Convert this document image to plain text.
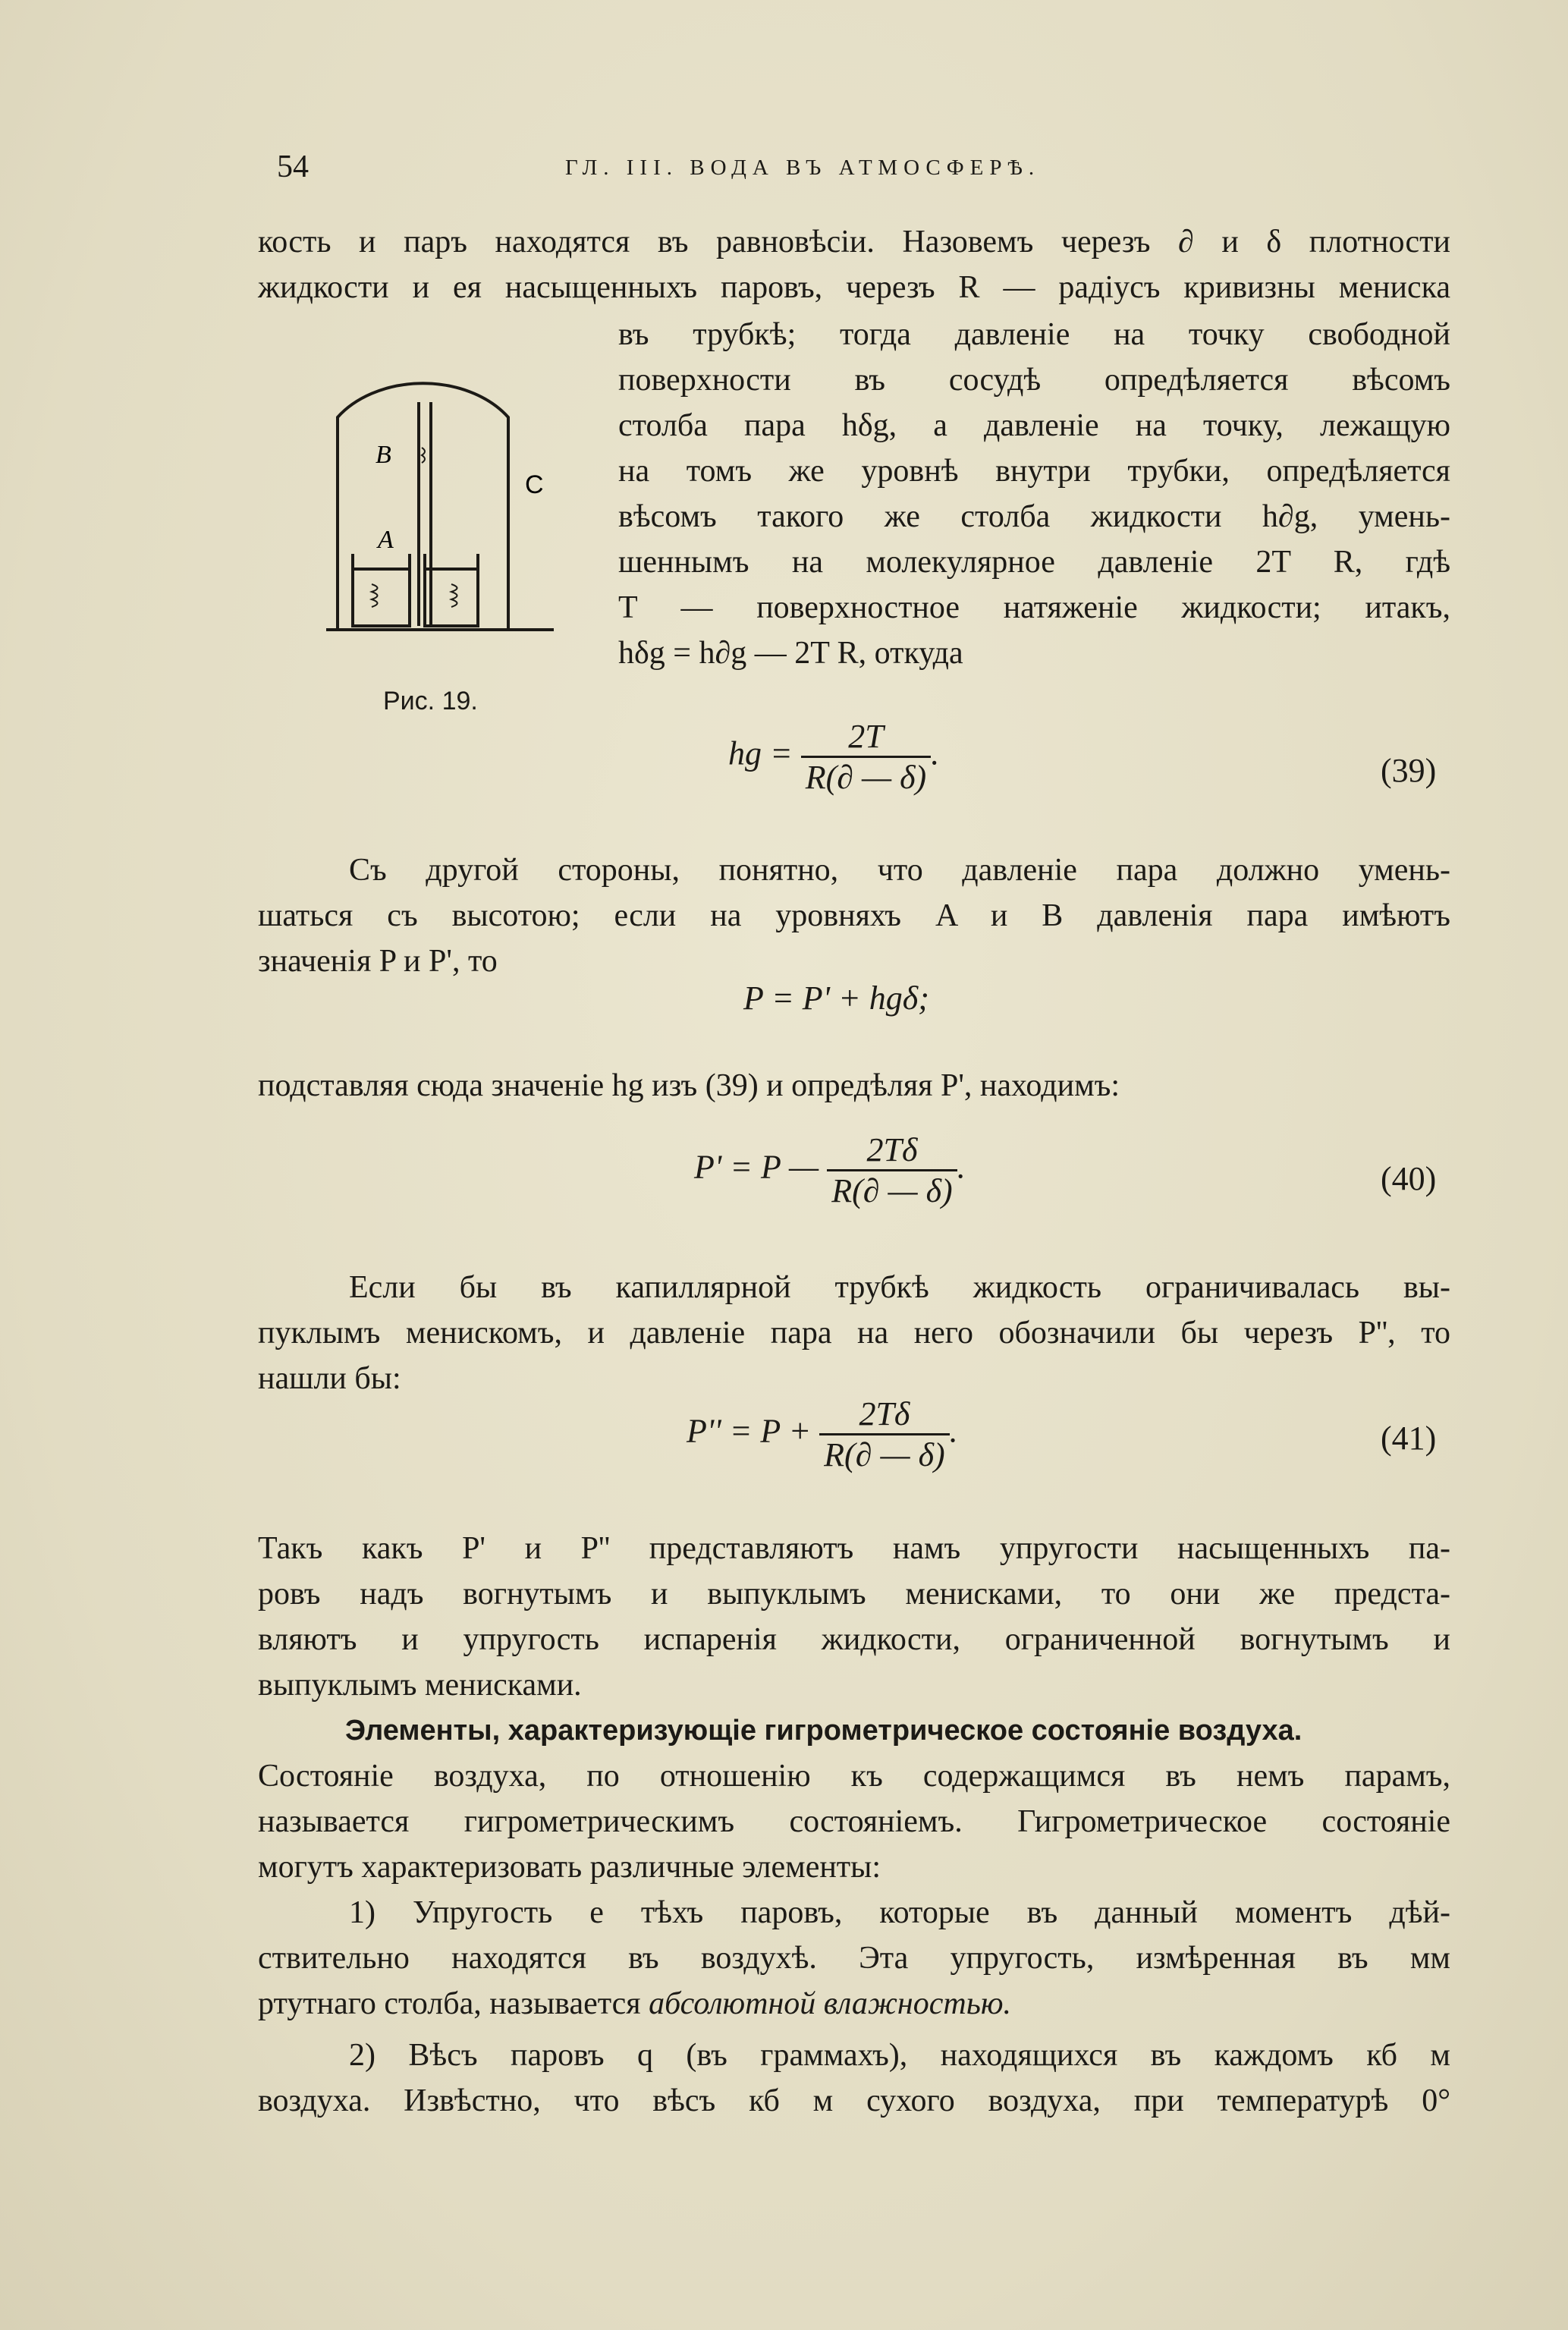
54	ГЛ. III. ВОДА ВЪ АТМОСФЕРѢ.
кость и паръ находятся въ равновѣсіи. Назовемъ черезъ ∂ и δ плотности
жидкости и ея насыщенныхъ паровъ, черезъ R — радіусъ кривизны мениска
B
A
C
Рис. 19.
въ трубкѣ; тогда давленіе на точку свободной
поверхности въ сосудѣ опредѣляется вѣсомъ
столба пара hδg, а давленіе на точку, лежащую
на томъ же уровнѣ внутри трубки, опредѣляется
вѣсомъ такого же столба жидкости h∂g, умень-
шеннымъ на молекулярное давленіе 2T R, гдѣ
T — поверхностное натяженіе жидкости; итакъ,
hδg = h∂g — 2T R, откуда
hg = $\frac{2T}{R(\partial — \delta)}$ .	(39)
Съ другой стороны, понятно, что давленіе пара должно умень-
шаться съ высотою; если на уровняхъ A и B давленія пара имѣютъ
значенія P и P', то
P = P' + hgδ;
подставляя сюда значеніе hg изъ (39) и опредѣляя P', находимъ:
P' = P — $\frac{2T\delta}{R(\partial — \delta)}$ .	(40)
Если бы въ капиллярной трубкѣ жидкость ограничивалась вы-
пуклымъ менискомъ, и давленіе пара на него обозначили бы черезъ P'', то
нашли бы:
$P'' = P + \frac{2T\delta}{R(\partial — \delta)}$ .	(41)
Такъ какъ P' и P'' представляютъ намъ упругости насыщенныхъ па-
ровъ надъ вогнутымъ и выпуклымъ менисками, то они же предста-
вляютъ и упругость испаренія жидкости, ограниченной вогнутымъ и
выпуклымъ менисками.
Элементы, характеризующіе гигрометрическое состояніе воздуха.
Состояніе воздуха, по отношенію къ содержащимся въ немъ парамъ,
называется гигрометрическимъ состояніемъ. Гигрометрическое состояніе
могутъ характеризовать различные элементы:
1) Упругость e тѣхъ паровъ, которые въ данный моментъ дѣй-
ствительно находятся въ воздухѣ. Эта упругость, измѣренная въ мм
ртутнаго столба, называется абсолютной влажностью.
2) Вѣсъ паровъ q (въ граммахъ), находящихся въ каждомъ кб м
воздуха. Извѣстно, что вѣсъ кб м сухого воздуха, при температурѣ 0°
